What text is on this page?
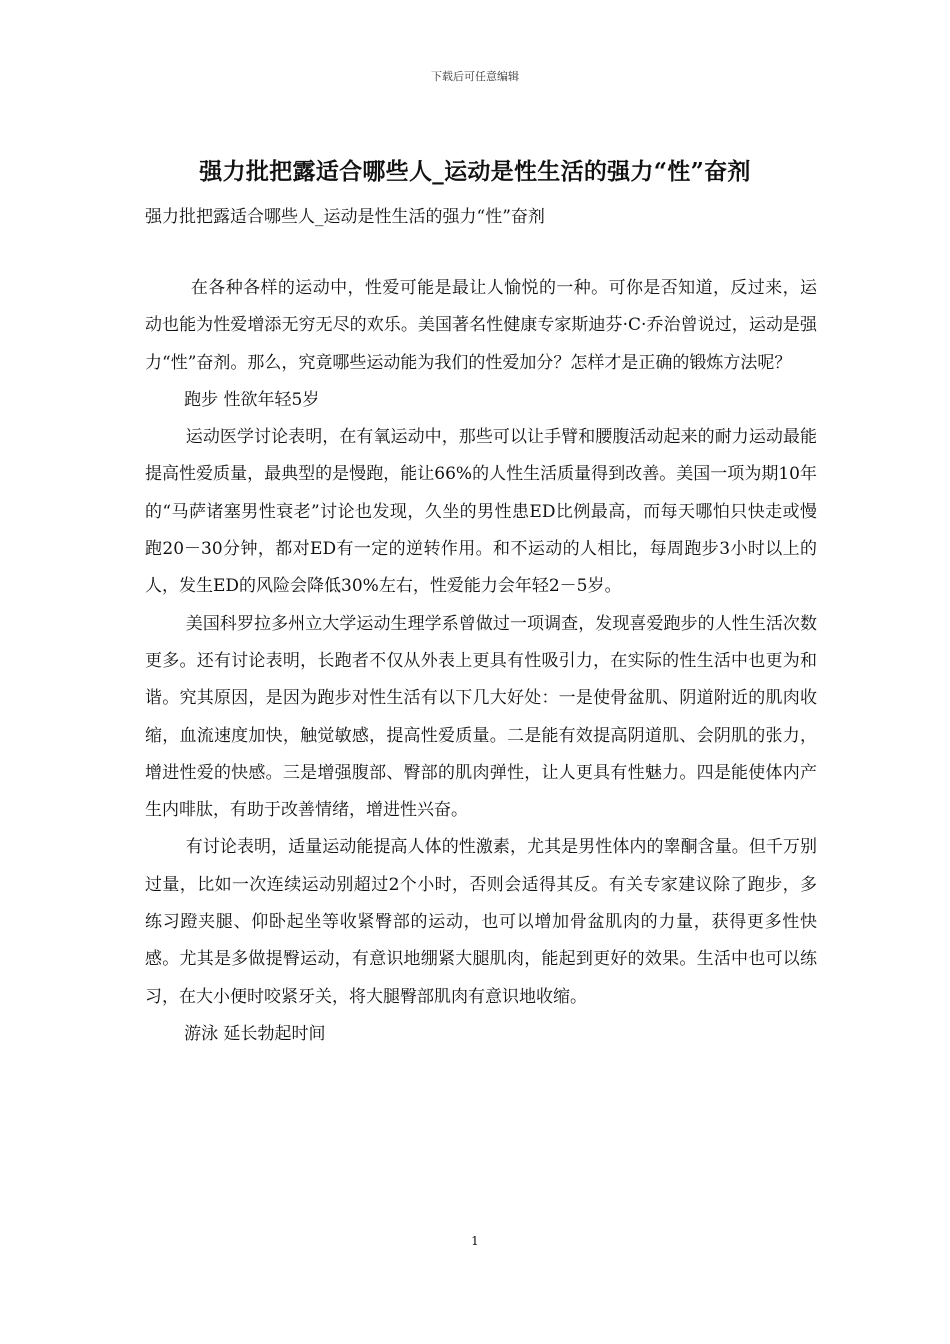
下载后可任意编辑
强力批把露适合哪些人_运动是性生活的强力“性”奋剂
强力批把露适合哪些人_运动是性生活的强力“性”奋剂

在各种各样的运动中，性爱可能是最让人愉悦的一种。可你是否知道，反过来，运动也能为性爱增添无穷无尽的欢乐。美国著名性健康专家斯迪芬·C·乔治曾说过，运动是强力“性”奋剂。那么，究竟哪些运动能为我们的性爱加分？怎样才是正确的锻炼方法呢？

跑步 性欲年轻5岁

运动医学讨论表明，在有氧运动中，那些可以让手臂和腰腹活动起来的耐力运动最能提高性爱质量，最典型的是慢跑，能让66%的人性生活质量得到改善。美国一项为期10年的“马萨诸塞男性衰老”讨论也发现，久坐的男性患ED比例最高，而每天哪怕只快走或慢跑20－30分钟，都对ED有一定的逆转作用。和不运动的人相比，每周跑步3小时以上的人，发生ED的风险会降低30%左右，性爱能力会年轻2－5岁。

美国科罗拉多州立大学运动生理学系曾做过一项调查，发现喜爱跑步的人性生活次数更多。还有讨论表明，长跑者不仅从外表上更具有性吸引力，在实际的性生活中也更为和谐。究其原因，是因为跑步对性生活有以下几大好处：一是使骨盆肌、阴道附近的肌肉收缩，血流速度加快，触觉敏感，提高性爱质量。二是能有效提高阴道肌、会阴肌的张力，增进性爱的快感。三是增强腹部、臀部的肌肉弹性，让人更具有性魅力。四是能使体内产生内啡肽，有助于改善情绪，增进性兴奋。

有讨论表明，适量运动能提高人体的性激素，尤其是男性体内的睾酮含量。但千万别过量，比如一次连续运动别超过2个小时，否则会适得其反。有关专家建议除了跑步，多练习蹬夹腿、仰卧起坐等收紧臀部的运动，也可以增加骨盆肌肉的力量，获得更多性快感。尤其是多做提臀运动，有意识地绷紧大腿肌肉，能起到更好的效果。生活中也可以练习，在大小便时咬紧牙关，将大腿臀部肌肉有意识地收缩。

游泳 延长勃起时间

1
